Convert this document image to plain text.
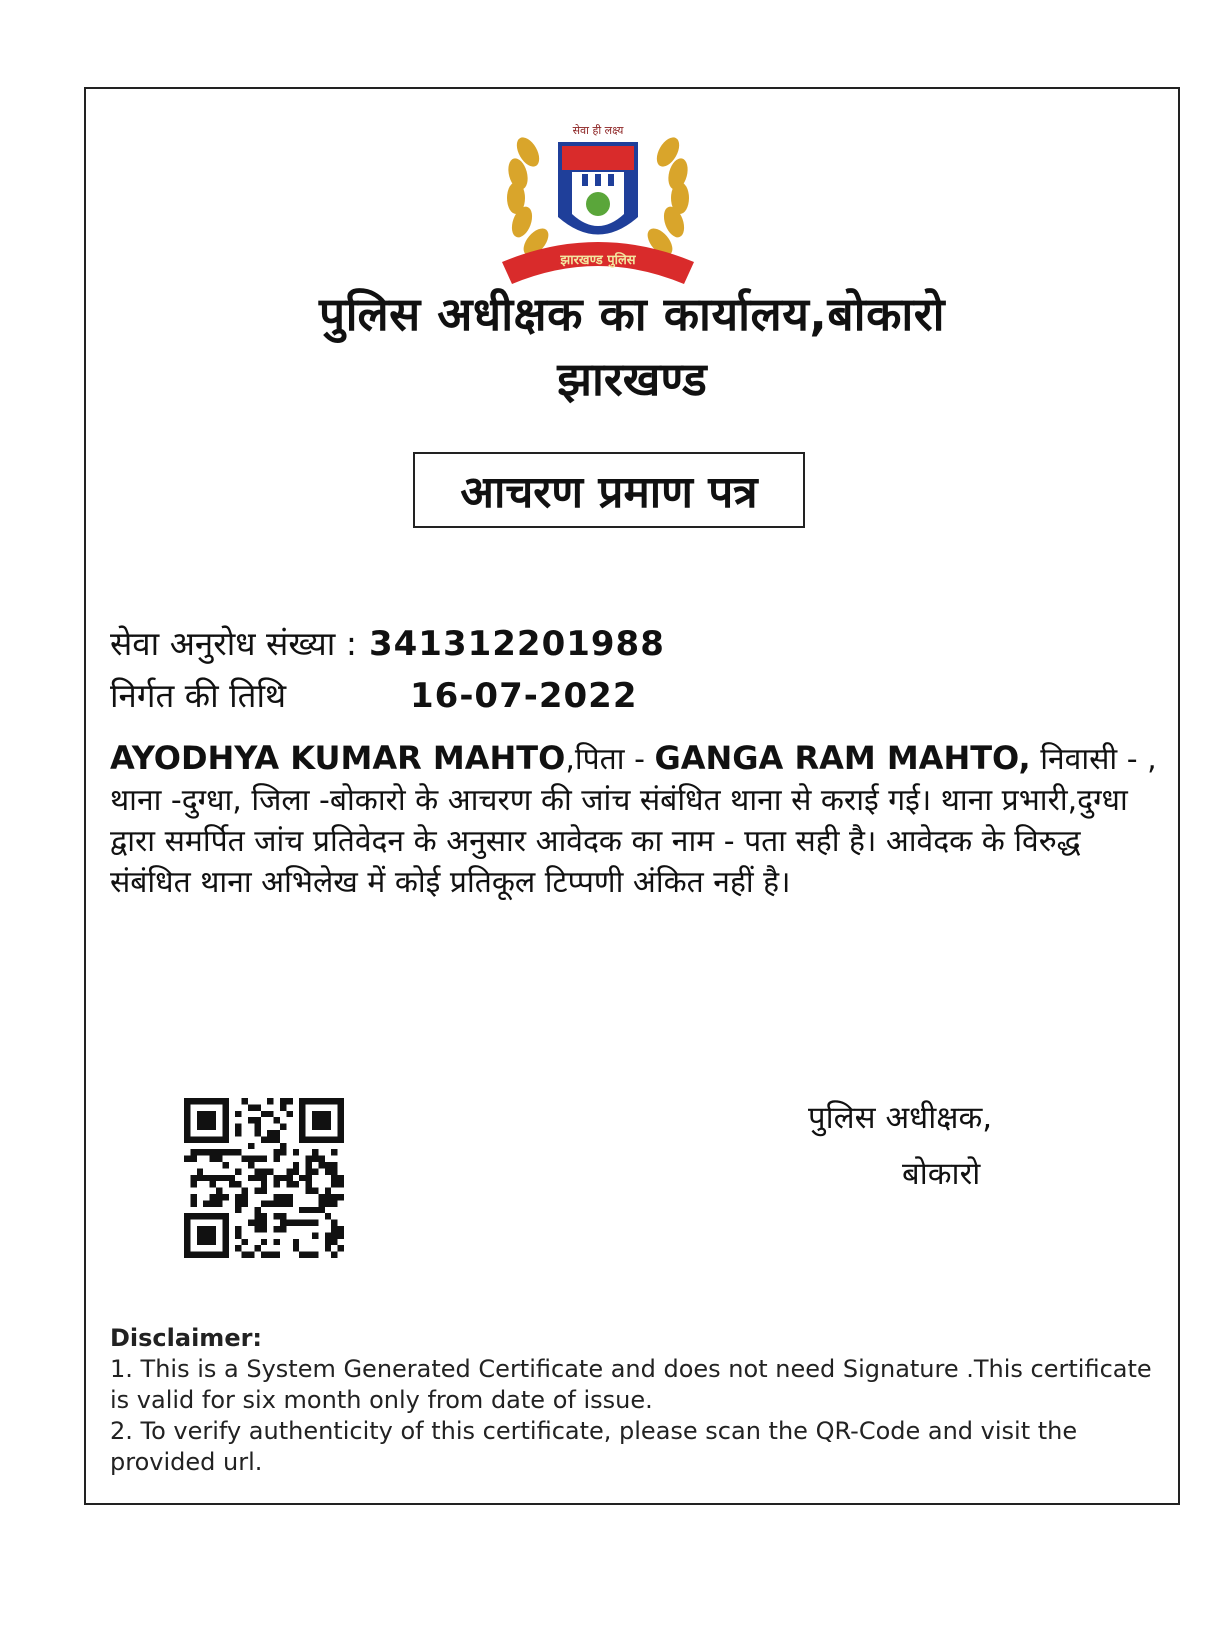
झारखण्ड पुलिस
सेवा ही लक्ष्य
पुलिस अधीक्षक का कार्यालय,बोकारो
झारखण्ड
आचरण प्रमाण पत्र
सेवा अनुरोध संख्या : 341312201988
निर्गत की तिथि	16-07-2022
AYODHYA KUMAR MAHTO,पिता - GANGA RAM MAHTO, निवासी - , थाना -दुग्धा, जिला -बोकारो के आचरण की जांच संबंधित थाना से कराई गई। थाना प्रभारी,दुग्धा द्वारा समर्पित जांच प्रतिवेदन के अनुसार आवेदक का नाम - पता सही है। आवेदक के विरुद्ध संबंधित थाना अभिलेख में कोई प्रतिकूल टिप्पणी अंकित नहीं है।
पुलिस अधीक्षक,
बोकारो
Disclaimer:
1. This is a System Generated Certificate and does not need Signature .This certificate is valid for six month only from date of issue.
2. To verify authenticity of this certificate, please scan the QR-Code and visit the provided url.
